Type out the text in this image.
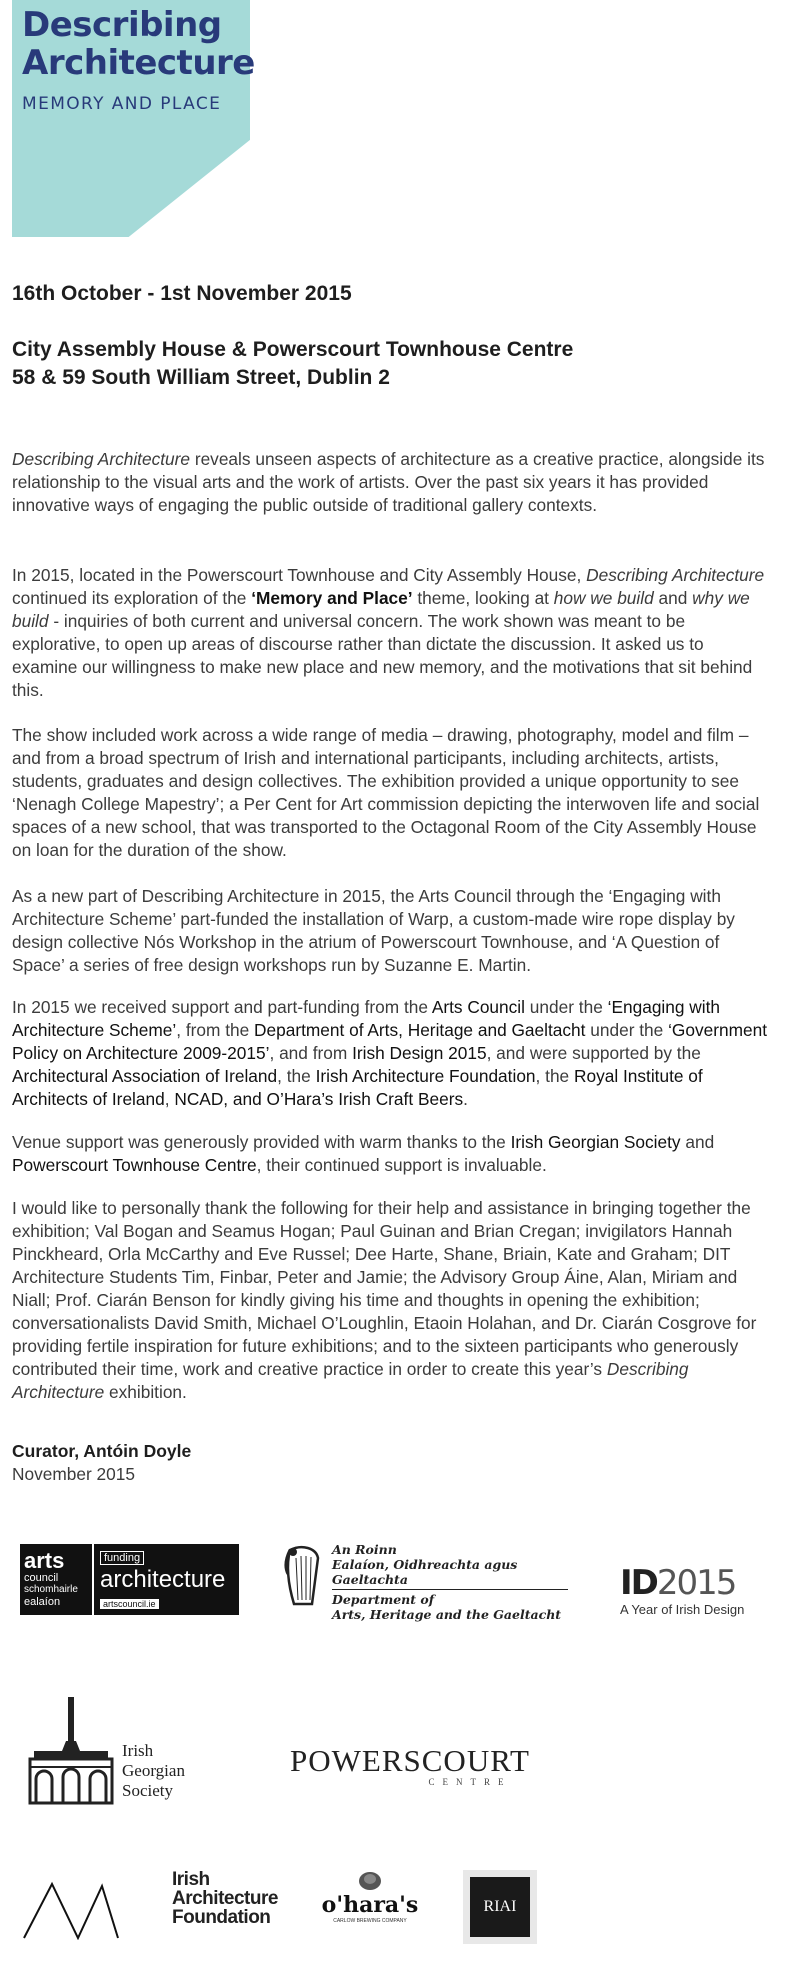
Describing
Architecture
MEMORY AND PLACE
16th October - 1st November 2015
City Assembly House & Powerscourt Townhouse Centre
58 & 59 South William Street, Dublin 2

Describing Architecture reveals unseen aspects of architecture as a creative practice, alongside its relationship to the visual arts and the work of artists. Over the past six years it has provided innovative ways of engaging the public outside of traditional gallery contexts.

In 2015, located in the Powerscourt Townhouse and City Assembly House, Describing Architecture continued its exploration of the ‘Memory and Place’ theme, looking at how we build and why we build - inquiries of both current and universal concern. The work shown was meant to be explorative, to open up areas of discourse rather than dictate the discussion. It asked us to examine our willingness to make new place and new memory, and the motivations that sit behind this.

The show included work across a wide range of media – drawing, photography, model and film – and from a broad spectrum of Irish and international participants, including architects, artists, students, graduates and design collectives. The exhibition provided a unique opportunity to see ‘Nenagh College Mapestry’; a Per Cent for Art commission depicting the interwoven life and social spaces of a new school, that was transported to the Octagonal Room of the City Assembly House on loan for the duration of the show.

As a new part of Describing Architecture in 2015, the Arts Council through the ‘Engaging with Architecture Scheme’ part-funded the installation of Warp, a custom-made wire rope display by design collective Nós Workshop in the atrium of Powerscourt Townhouse, and ‘A Question of Space’ a series of free design workshops run by Suzanne E. Martin.

In 2015 we received support and part-funding from the Arts Council under the ‘Engaging with Architecture Scheme’, from the Department of Arts, Heritage and Gaeltacht under the ‘Government Policy on Architecture 2009-2015’, and from Irish Design 2015, and were supported by the Architectural Association of Ireland, the Irish Architecture Foundation, the Royal Institute of Architects of Ireland, NCAD, and O’Hara’s Irish Craft Beers.

Venue support was generously provided with warm thanks to the Irish Georgian Society and Powerscourt Townhouse Centre, their continued support is invaluable.

I would like to personally thank the following for their help and assistance in bringing together the exhibition; Val Bogan and Seamus Hogan; Paul Guinan and Brian Cregan; invigilators Hannah Pinckheard, Orla McCarthy and Eve Russel; Dee Harte, Shane, Briain, Kate and Graham; DIT Architecture Students Tim, Finbar, Peter and Jamie; the Advisory Group Áine, Alan, Miriam and Niall; Prof. Ciarán Benson for kindly giving his time and thoughts in opening the exhibition; conversationalists David Smith, Michael O’Loughlin, Etaoin Holahan, and Dr. Ciarán Cosgrove for providing fertile inspiration for future exhibitions; and to the sixteen participants who generously contributed their time, work and creative practice in order to create this year’s Describing Architecture exhibition.

Curator, Antóin Doyle
November 2015
arts
council
schomhairle
ealaíon
funding
architecture
artscouncil.ie
An Roinn
Ealaíon, Oidhreachta agus Gaeltachta
Department of
Arts, Heritage and the Gaeltacht
ID2015
A Year of Irish Design
Irish
Georgian
Society
POWERSCOURT
CENTRE
Irish
Architecture
Foundation	o'hara's
CARLOW BREWING COMPANY
RIAI
